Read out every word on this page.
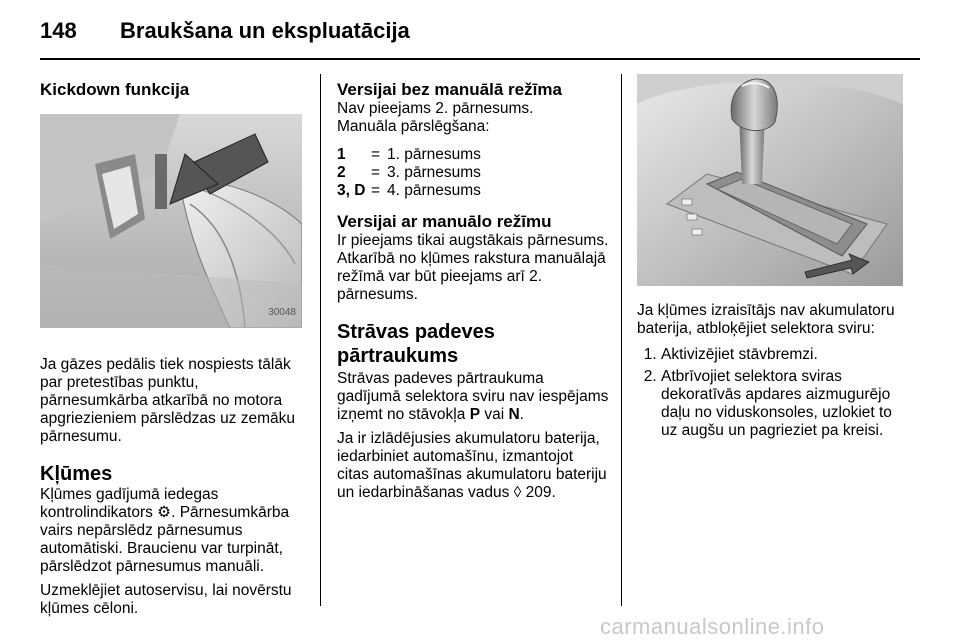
148 Braukšana un ekspluatācija
Kickdown funkcija
30048

Ja gāzes pedālis tiek nospiests tālāk par pretestības punktu, pārnesumkārba atkarībā no motora apgriezieniem pārslēdzas uz zemāku pārnesumu.

Kļūmes

Kļūmes gadījumā iedegas kontrolindikators ⚙. Pārnesumkārba vairs nepārslēdz pārnesumus automātiski. Braucienu var turpināt, pārslēdzot pārnesumus manuāli.

Uzmeklējiet autoservisu, lai novērstu kļūmes cēloni.

Versijai bez manuālā režīma

Nav pieejams 2. pārnesums.

Manuāla pārslēgšana:

1	=	1. pārnesums
2	=	3. pārnesums
3, D	=	4. pārnesums
Versijai ar manuālo režīmu

Ir pieejams tikai augstākais pārnesums. Atkarībā no kļūmes rakstura manuālajā režīmā var būt pieejams arī 2. pārnesums.

Strāvas padeves pārtraukums

Strāvas padeves pārtraukuma gadījumā selektora sviru nav iespējams izņemt no stāvokļa P vai N.

Ja ir izlādējusies akumulatoru baterija, iedarbiniet automašīnu, izmantojot citas automašīnas akumulatoru bateriju un iedarbināšanas vadus ◊ 209.

Ja kļūmes izraisītājs nav akumulatoru baterija, atbloķējiet selektora sviru:

1. Aktivizējiet stāvbremzi.
2. Atbrīvojiet selektora sviras dekoratīvās apdares aizmugurējo daļu no viduskonsoles, uzlokiet to uz augšu un pagrieziet pa kreisi.
carmanualsonline.info
